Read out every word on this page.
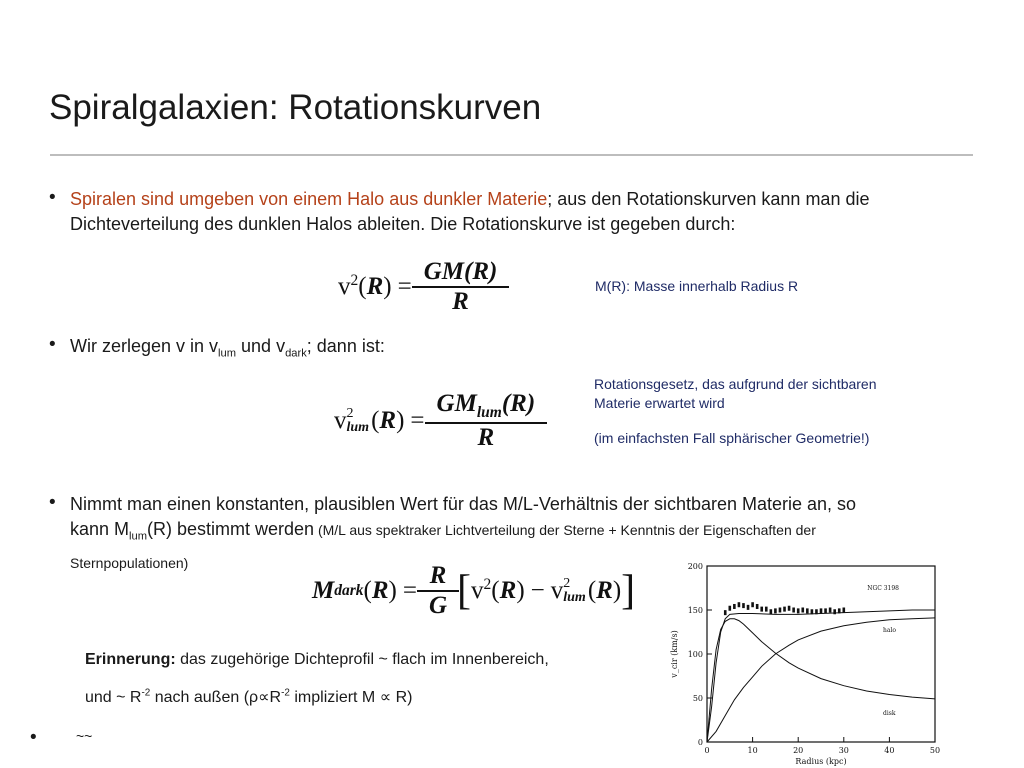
Spiralgalaxien: Rotationskurven
• Spiralen sind umgeben von einem Halo aus dunkler Materie; aus den Rotationskurven kann man die
Dichteverteilung des dunklen Halos ableiten. Die Rotationskurve ist gegeben durch:
$v^2$ ( R ) = $\frac{GM(R)}{R}$	M(R): Masse innerhalb Radius R
• Wir zerlegen v in $v_{lum}$ und $v_{dark}$; dann ist:
v 2
lum ( R ) = $\frac{GM_{lum}(R)}{R}$
Rotationsgesetz, das aufgrund der sichtbaren
Materie erwartet wird
(im einfachsten Fall sphärischer Geometrie!)
• Nimmt man einen konstanten, plausiblen Wert für das M/L-Verhältnis der sichtbaren Materie an, so
kann $M_{lum}(R)$ bestimmt werden (M/L aus spektraker Lichtverteilung der Sterne + Kenntnis der Eigenschaften der
Sternpopulationen)
M dark ( R ) = $\frac{R}{G}$ [ $v^2$ ( R ) − v 2
lum ( R ) ]
Erinnerung: das zugehörige Dichteprofil ~ flach im Innenbereich,
und ~ $R^{-2}$ nach außen ($\rho\propto R^{-2}$ impliziert M ∝ R)
•	~~
0	10	20	30	40	50
0
50
100
150
200
Radius (kpc)
v_cir (km/s)
NGC 3198
halo
disk
